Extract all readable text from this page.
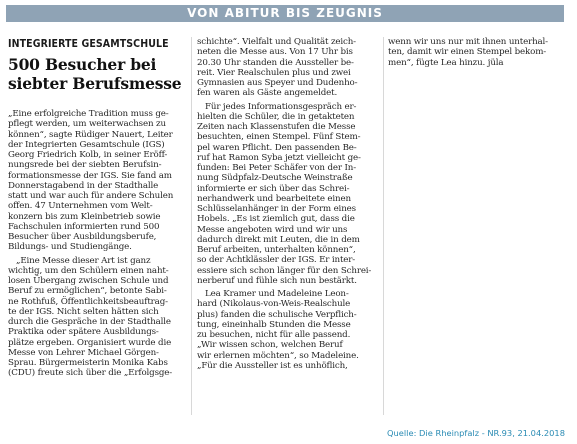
VON ABITUR BIS ZEUGNIS
INTEGRIERTE GESAMTSCHULE
500 Besucher bei
siebter Berufsmesse
„Eine erfolgreiche Tradition muss ge-
pflegt werden, um weiterwachsen zu
können“, sagte Rüdiger Nauert, Leiter
der Integrierten Gesamtschule (IGS)
Georg Friedrich Kolb, in seiner Eröff-
nungsrede bei der siebten Berufsin-
formationsmesse der IGS. Sie fand am
Donnerstagabend in der Stadthalle
statt und war auch für andere Schulen
offen. 47 Unternehmen vom Welt-
konzern bis zum Kleinbetrieb sowie
Fachschulen informierten rund 500
Besucher über Ausbildungsberufe,
Bildungs- und Studiengänge.
„Eine Messe dieser Art ist ganz
wichtig, um den Schülern einen naht-
losen Übergang zwischen Schule und
Beruf zu ermöglichen“, betonte Sabi-
ne Rothfuß, Öffentlichkeitsbeauftrag-
te der IGS. Nicht selten hätten sich
durch die Gespräche in der Stadthalle
Praktika oder spätere Ausbildungs-
plätze ergeben. Organisiert wurde die
Messe von Lehrer Michael Görgen-
Sprau. Bürgermeisterin Monika Kabs
(CDU) freute sich über die „Erfolgsge-
schichte“. Vielfalt und Qualität zeich-
neten die Messe aus. Von 17 Uhr bis
20.30 Uhr standen die Aussteller be-
reit. Vier Realschulen plus und zwei
Gymnasien aus Speyer und Dudenho-
fen waren als Gäste angemeldet.
Für jedes Informationsgespräch er-
hielten die Schüler, die in getakteten
Zeiten nach Klassenstufen die Messe
besuchten, einen Stempel. Fünf Stem-
pel waren Pflicht. Den passenden Be-
ruf hat Ramon Syba jetzt vielleicht ge-
funden: Bei Peter Schäfer von der In-
nung Südpfalz-Deutsche Weinstraße
informierte er sich über das Schrei-
nerhandwerk und bearbeitete einen
Schlüsselanhänger in der Form eines
Hobels. „Es ist ziemlich gut, dass die
Messe angeboten wird und wir uns
dadurch direkt mit Leuten, die in dem
Beruf arbeiten, unterhalten können“,
so der Achtklässler der IGS. Er inter-
essiere sich schon länger für den Schrei-
nerberuf und fühle sich nun bestärkt.
Lea Kramer und Madeleine Leon-
hard (Nikolaus-von-Weis-Realschule
plus) fanden die schulische Verpflich-
tung, eineinhalb Stunden die Messe
zu besuchen, nicht für alle passend.
„Wir wissen schon, welchen Beruf
wir erlernen möchten“, so Madeleine.
„Für die Aussteller ist es unhöflich,
wenn wir uns nur mit ihnen unterhal-
ten, damit wir einen Stempel bekom-
men“, fügte Lea hinzu. jüla
Quelle: Die Rheinpfalz - NR.93, 21.04.2018
